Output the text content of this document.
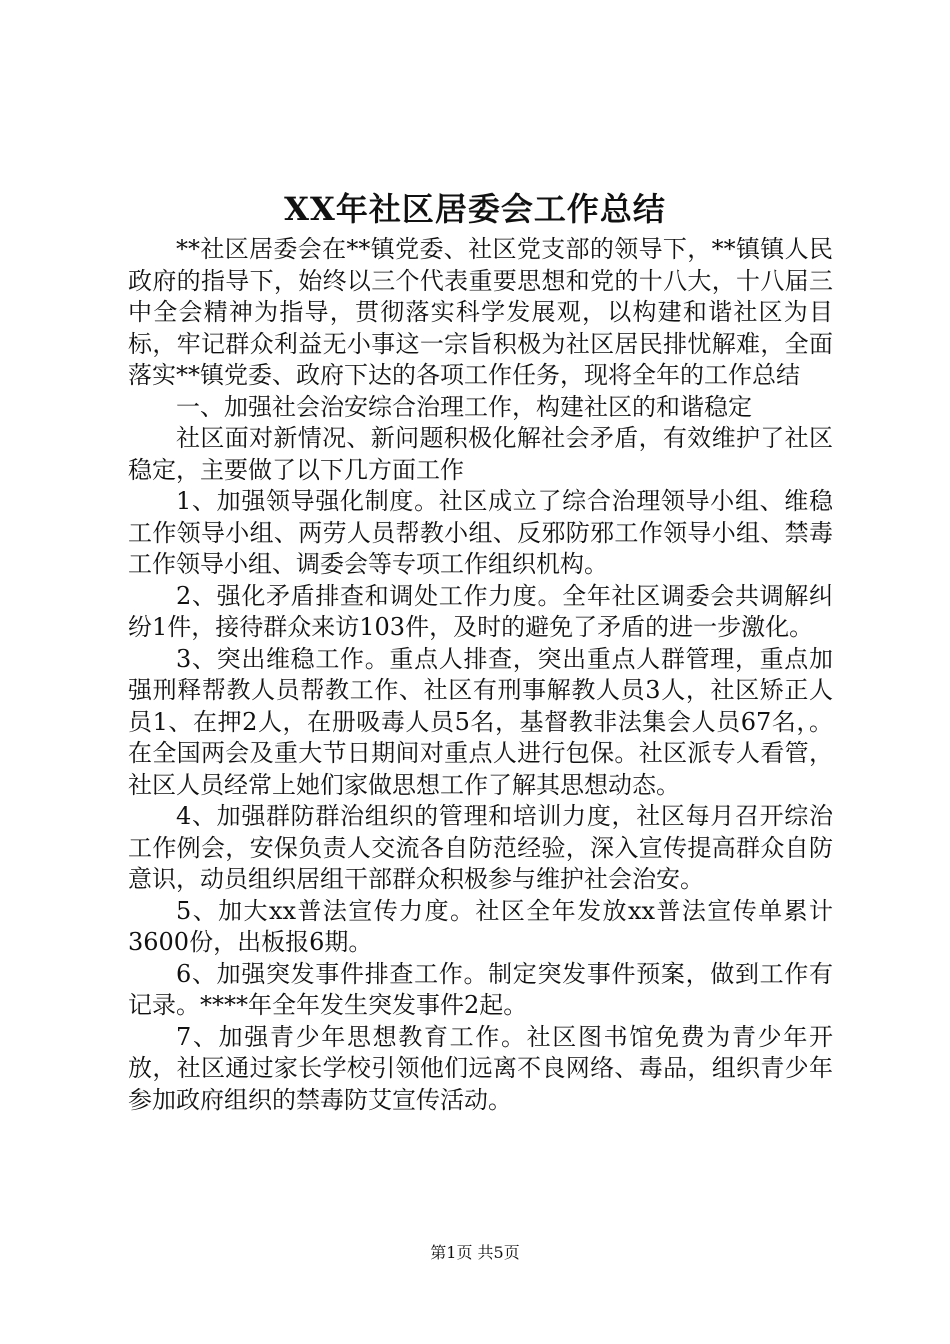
XX年社区居委会工作总结

**社区居委会在**镇党委、社区党支部的领导下，**镇镇人民政府的指导下，始终以三个代表重要思想和党的十八大，十八届三中全会精神为指导，贯彻落实科学发展观，以构建和谐社区为目标，牢记群众利益无小事这一宗旨积极为社区居民排忧解难，全面落实**镇党委、政府下达的各项工作任务，现将全年的工作总结

一、加强社会治安综合治理工作，构建社区的和谐稳定

社区面对新情况、新问题积极化解社会矛盾，有效维护了社区稳定，主要做了以下几方面工作

1、加强领导强化制度。社区成立了综合治理领导小组、维稳工作领导小组、两劳人员帮教小组、反邪防邪工作领导小组、禁毒工作领导小组、调委会等专项工作组织机构。

2、强化矛盾排查和调处工作力度。全年社区调委会共调解纠纷1件，接待群众来访103件，及时的避免了矛盾的进一步激化。

3、突出维稳工作。重点人排查，突出重点人群管理，重点加强刑释帮教人员帮教工作、社区有刑事解教人员3人，社区矫正人员1、在押2人，在册吸毒人员5名，基督教非法集会人员67名，。在全国两会及重大节日期间对重点人进行包保。社区派专人看管，社区人员经常上她们家做思想工作了解其思想动态。

4、加强群防群治组织的管理和培训力度，社区每月召开综治工作例会，安保负责人交流各自防范经验，深入宣传提高群众自防意识，动员组织居组干部群众积极参与维护社会治安。

5、加大xx普法宣传力度。社区全年发放xx普法宣传单累计3600份，出板报6期。

6、加强突发事件排查工作。制定突发事件预案，做到工作有记录。****年全年发生突发事件2起。

7、加强青少年思想教育工作。社区图书馆免费为青少年开放，社区通过家长学校引领他们远离不良网络、毒品，组织青少年参加政府组织的禁毒防艾宣传活动。

第1页 共5页
